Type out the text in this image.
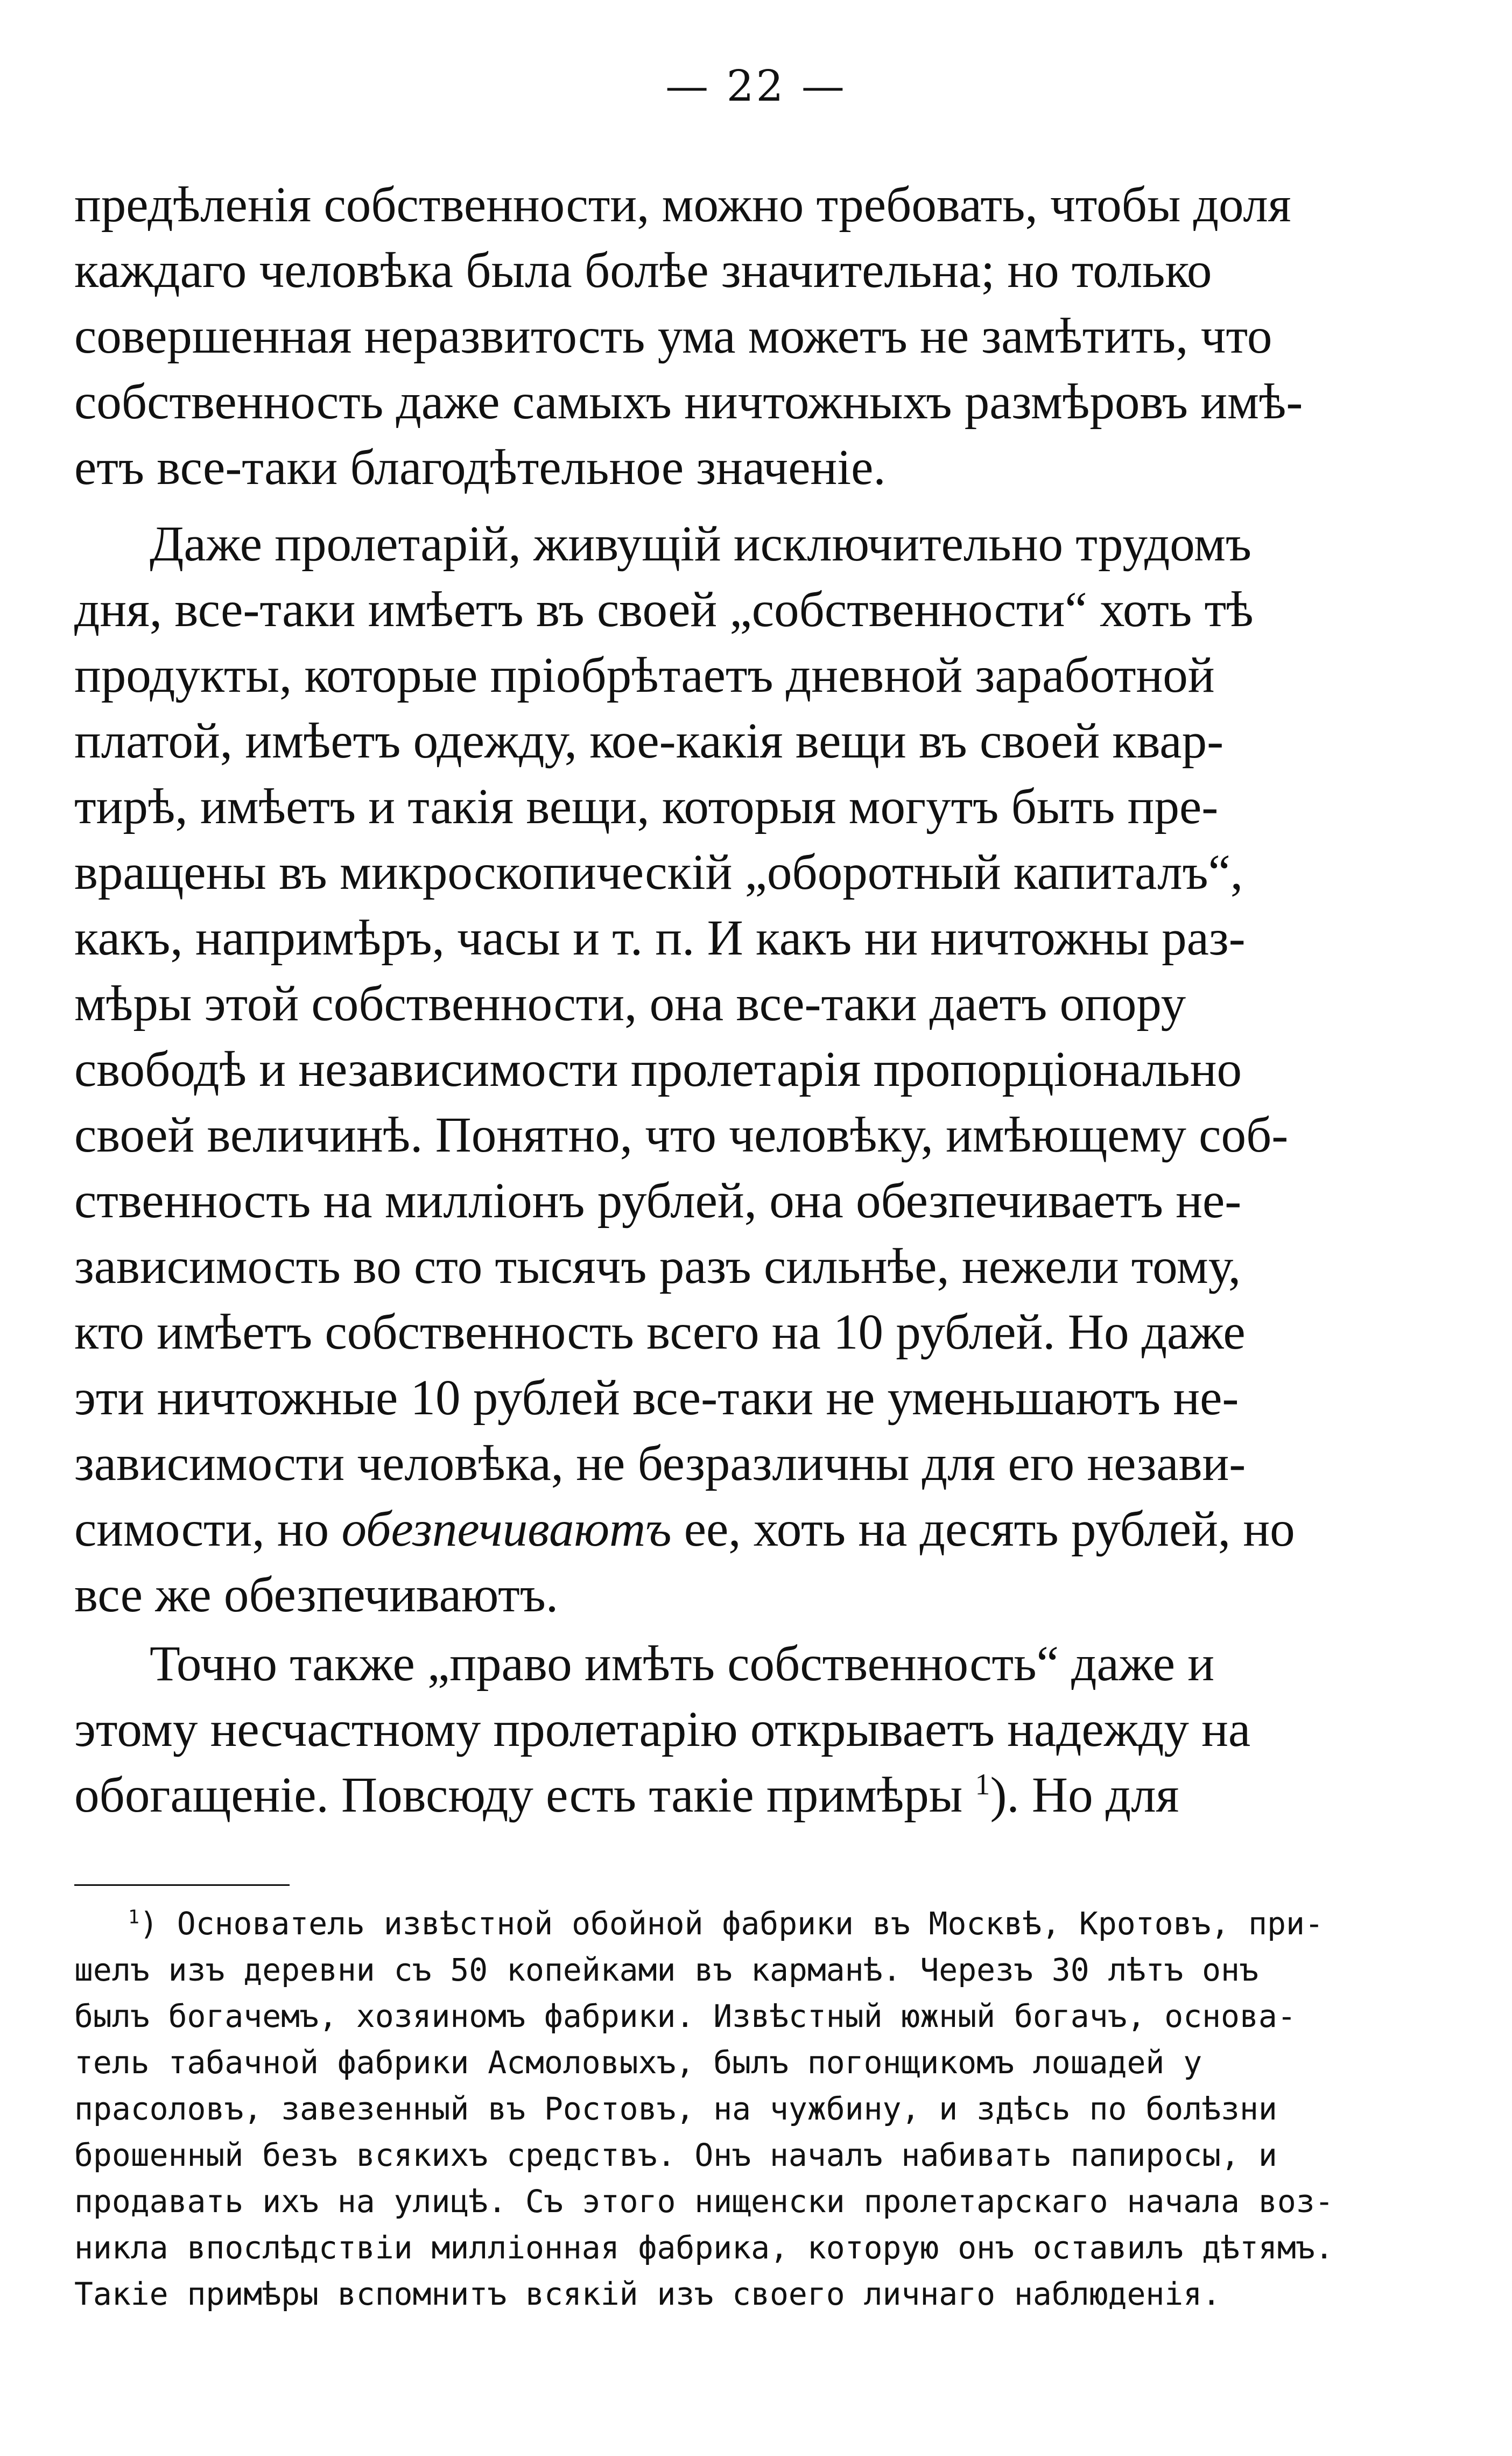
— 22 —
предѣленія собственности, можно требовать, чтобы доля
каждаго человѣка была болѣе значительна; но только
совершенная неразвитость ума можетъ не замѣтить, что
собственность даже самыхъ ничтожныхъ размѣровъ имѣ-
етъ все-таки благодѣтельное значеніе.
Даже пролетарій, живущій исключительно трудомъ
дня, все-таки имѣетъ въ своей „собственности“ хоть тѣ
продукты, которые пріобрѣтаетъ дневной заработной
платой, имѣетъ одежду, кое-какія вещи въ своей квар-
тирѣ, имѣетъ и такія вещи, которыя могутъ быть пре-
вращены въ микроскопическій „оборотный капиталъ“,
какъ, напримѣръ, часы и т. п. И какъ ни ничтожны раз-
мѣры этой собственности, она все-таки даетъ опору
свободѣ и независимости пролетарія пропорціонально
своей величинѣ. Понятно, что человѣку, имѣющему соб-
ственность на милліонъ рублей, она обезпечиваетъ не-
зависимость во сто тысячъ разъ сильнѣе, нежели тому,
кто имѣетъ собственность всего на 10 рублей. Но даже
эти ничтожные 10 рублей все-таки не уменьшаютъ не-
зависимости человѣка, не безразличны для его незави-
симости, но обезпечиваютъ ее, хоть на десять рублей, но
все же обезпечиваютъ.
Точно также „право имѣть собственность“ даже и
этому несчастному пролетарію открываетъ надежду на
обогащеніе. Повсюду есть такіе примѣры $^1$). Но для
$^1$) Основатель извѣстной обойной фабрики въ Москвѣ, Кротовъ, при-
шелъ изъ деревни съ 50 копейками въ карманѣ. Черезъ 30 лѣтъ онъ
былъ богачемъ, хозяиномъ фабрики. Извѣстный южный богачъ, основа-
тель табачной фабрики Асмоловыхъ, былъ погонщикомъ лошадей у
прасоловъ, завезенный въ Ростовъ, на чужбину, и здѣсь по болѣзни
брошенный безъ всякихъ средствъ. Онъ началъ набивать папиросы, и
продавать ихъ на улицѣ. Съ этого нищенски пролетарскаго начала воз-
никла впослѣдствіи милліонная фабрика, которую онъ оставилъ дѣтямъ.
Такіе примѣры вспомнитъ всякій изъ своего личнаго наблюденія.
